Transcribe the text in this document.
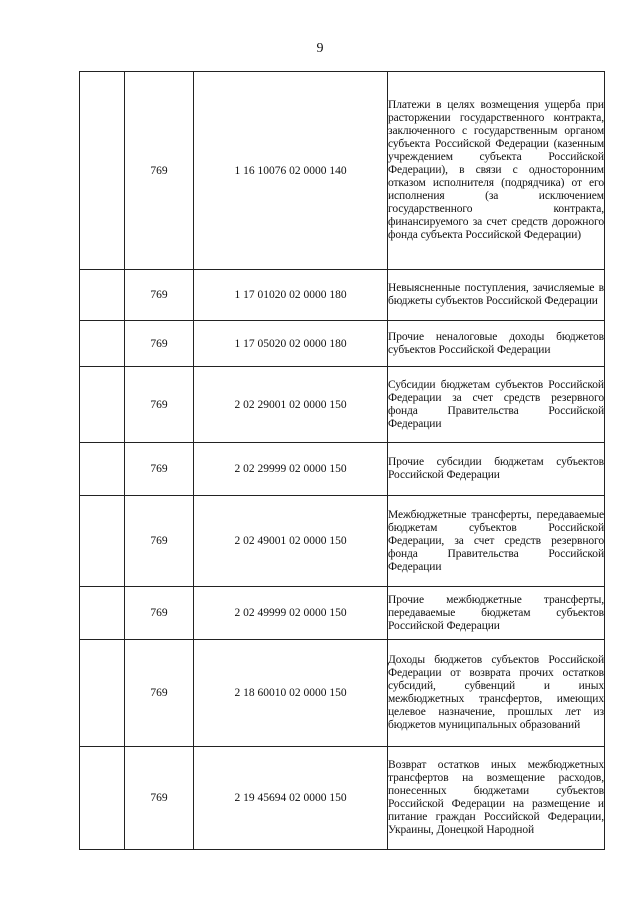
9
	769	1 16 10076 02 0000 140	Платежи в целях возмещения ущерба при расторжении государственного контракта, заключенного с государственным органом субъекта Российской Федерации (казенным учреждением субъекта Российской Федерации), в связи с односторонним отказом исполнителя (подрядчика) от его исполнения (за исключением государственного контракта, финансируемого за счет средств дорожного фонда субъекта Российской Федерации)
	769	1 17 01020 02 0000 180	Невыясненные поступления, зачисляемые в бюджеты субъектов Российской Федерации
	769	1 17 05020 02 0000 180	Прочие неналоговые доходы бюджетов субъектов Российской Федерации
	769	2 02 29001 02 0000 150	Субсидии бюджетам субъектов Российской Федерации за счет средств резервного фонда Правительства Российской Федерации
	769	2 02 29999 02 0000 150	Прочие субсидии бюджетам субъектов Российской Федерации
	769	2 02 49001 02 0000 150	Межбюджетные трансферты, передаваемые бюджетам субъектов Российской Федерации, за счет средств резервного фонда Правительства Российской Федерации
	769	2 02 49999 02 0000 150	Прочие межбюджетные трансферты, передаваемые бюджетам субъектов Российской Федерации
	769	2 18 60010 02 0000 150	Доходы бюджетов субъектов Российской Федерации от возврата прочих остатков субсидий, субвенций и иных межбюджетных трансфертов, имеющих целевое назначение, прошлых лет из бюджетов муниципальных образований
	769	2 19 45694 02 0000 150	Возврат остатков иных межбюджетных трансфертов на возмещение расходов, понесенных бюджетами субъектов Российской Федерации на размещение и питание граждан Российской Федерации, Украины, Донецкой Народной
